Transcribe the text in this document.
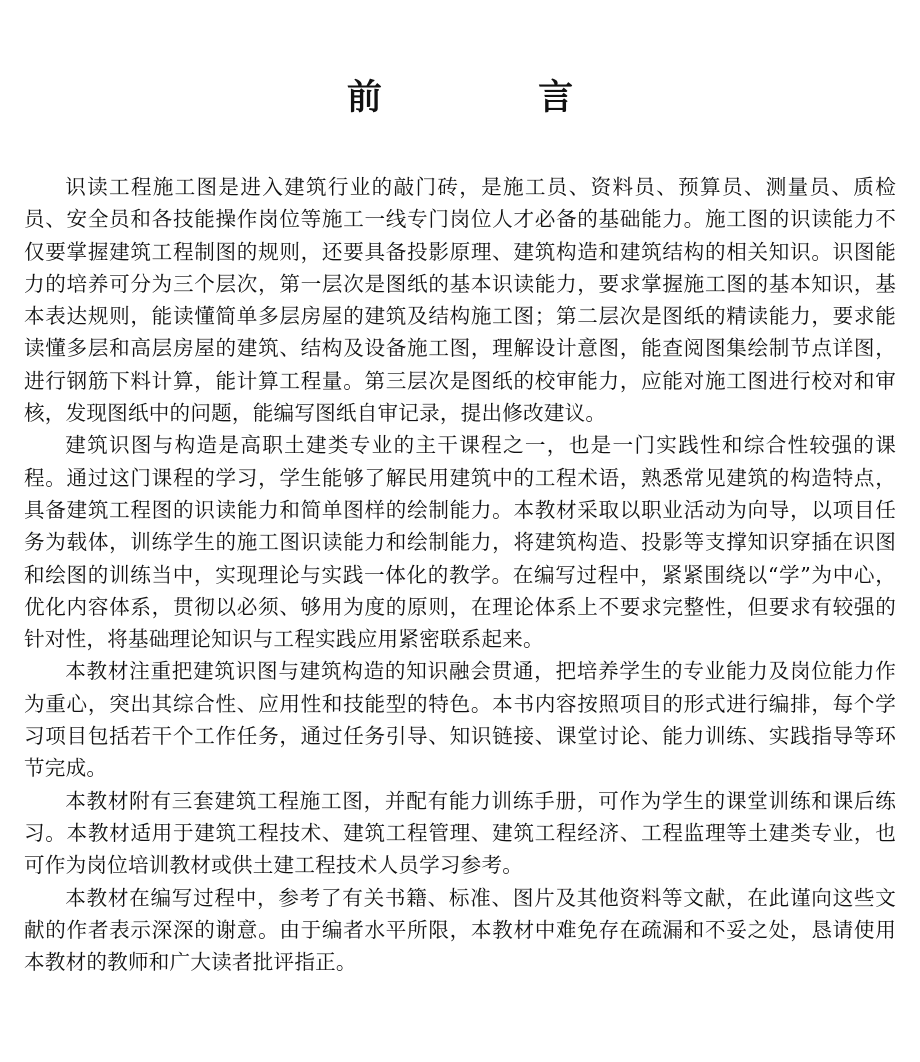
前 言

识读工程施工图是进入建筑行业的敲门砖，是施工员、资料员、预算员、测量员、质检员、安全员和各技能操作岗位等施工一线专门岗位人才必备的基础能力。施工图的识读能力不仅要掌握建筑工程制图的规则，还要具备投影原理、建筑构造和建筑结构的相关知识。识图能力的培养可分为三个层次，第一层次是图纸的基本识读能力，要求掌握施工图的基本知识，基本表达规则，能读懂简单多层房屋的建筑及结构施工图；第二层次是图纸的精读能力，要求能读懂多层和高层房屋的建筑、结构及设备施工图，理解设计意图，能查阅图集绘制节点详图，进行钢筋下料计算，能计算工程量。第三层次是图纸的校审能力，应能对施工图进行校对和审核，发现图纸中的问题，能编写图纸自审记录，提出修改建议。

建筑识图与构造是高职土建类专业的主干课程之一，也是一门实践性和综合性较强的课程。通过这门课程的学习，学生能够了解民用建筑中的工程术语，熟悉常见建筑的构造特点，具备建筑工程图的识读能力和简单图样的绘制能力。本教材采取以职业活动为向导，以项目任务为载体，训练学生的施工图识读能力和绘制能力，将建筑构造、投影等支撑知识穿插在识图和绘图的训练当中，实现理论与实践一体化的教学。在编写过程中，紧紧围绕以“学”为中心，优化内容体系，贯彻以必须、够用为度的原则，在理论体系上不要求完整性，但要求有较强的针对性，将基础理论知识与工程实践应用紧密联系起来。

本教材注重把建筑识图与建筑构造的知识融会贯通，把培养学生的专业能力及岗位能力作为重心，突出其综合性、应用性和技能型的特色。本书内容按照项目的形式进行编排，每个学习项目包括若干个工作任务，通过任务引导、知识链接、课堂讨论、能力训练、实践指导等环节完成。

本教材附有三套建筑工程施工图，并配有能力训练手册，可作为学生的课堂训练和课后练习。本教材适用于建筑工程技术、建筑工程管理、建筑工程经济、工程监理等土建类专业，也可作为岗位培训教材或供土建工程技术人员学习参考。

本教材在编写过程中，参考了有关书籍、标准、图片及其他资料等文献，在此谨向这些文献的作者表示深深的谢意。由于编者水平所限，本教材中难免存在疏漏和不妥之处，恳请使用本教材的教师和广大读者批评指正。
